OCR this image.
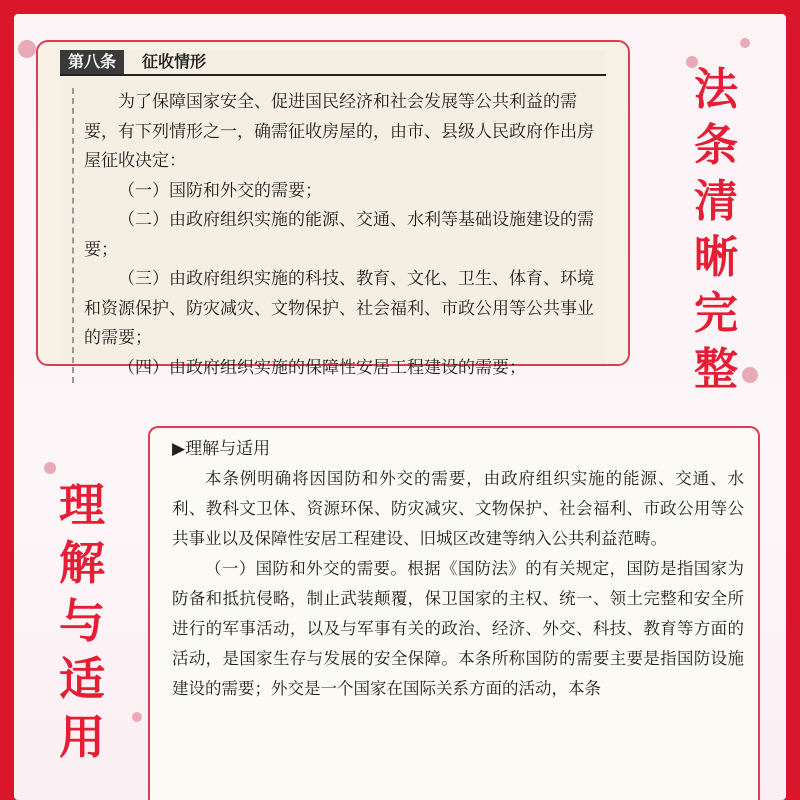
第八条	征收情形

为了保障国家安全、促进国民经济和社会发展等公共利益的需要，有下列情形之一，确需征收房屋的，由市、县级人民政府作出房屋征收决定：

（一）国防和外交的需要；

（二）由政府组织实施的能源、交通、水利等基础设施建设的需要；

（三）由政府组织实施的科技、教育、文化、卫生、体育、环境和资源保护、防灾减灾、文物保护、社会福利、市政公用等公共事业的需要；

（四）由政府组织实施的保障性安居工程建设的需要；

法
条
清
晰
完
整
理
解
与
适
用
▶理解与适用

本条例明确将因国防和外交的需要，由政府组织实施的能源、交通、水利、教科文卫体、资源环保、防灾减灾、文物保护、社会福利、市政公用等公共事业以及保障性安居工程建设、旧城区改建等纳入公共利益范畴。

（一）国防和外交的需要。根据《国防法》的有关规定，国防是指国家为防备和抵抗侵略，制止武装颠覆，保卫国家的主权、统一、领土完整和安全所进行的军事活动，以及与军事有关的政治、经济、外交、科技、教育等方面的活动，是国家生存与发展的安全保障。本条所称国防的需要主要是指国防设施建设的需要；外交是一个国家在国际关系方面的活动，本条
